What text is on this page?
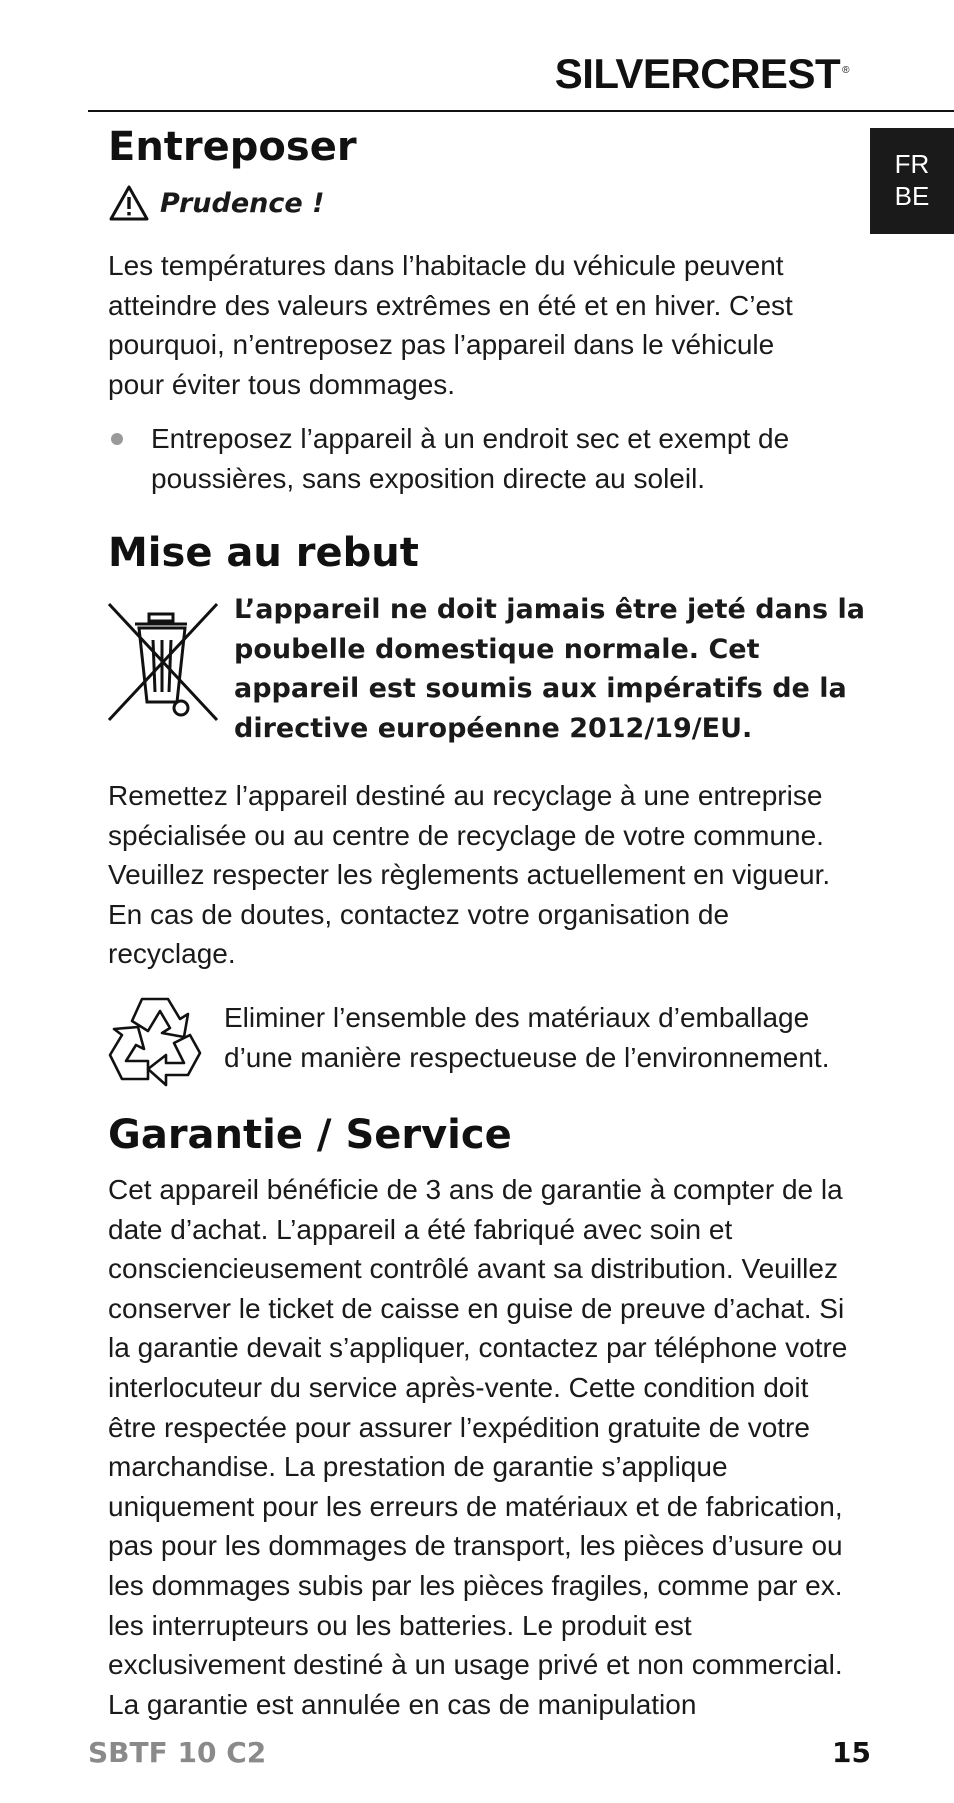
SILVERCREST ®
FR
BE
Entreposer
Prudence !

Les températures dans l’habitacle du véhicule peuvent atteindre des valeurs extrêmes en été et en hiver. C’est pourquoi, n’entreposez pas l’appareil dans le véhicule pour éviter tous dommages.

Entreposez l’appareil à un endroit sec et exempt de poussières, sans exposition directe au soleil.
Mise au rebut

L’appareil ne doit jamais être jeté dans la poubelle domestique normale. Cet appareil est soumis aux impératifs de la directive européenne 2012/19/EU.

Remettez l’appareil destiné au recyclage à une entreprise spécialisée ou au centre de recyclage de votre commune. Veuillez respecter les règlements actuellement en vigueur. En cas de doutes, contactez votre organisation de recyclage.

Eliminer l’ensemble des matériaux d’emballage d’une manière respectueuse de l’environnement.

Garantie / Service

Cet appareil bénéficie de 3 ans de garantie à compter de la date d’achat. L’appareil a été fabriqué avec soin et consciencieusement contrôlé avant sa distribution. Veuillez conserver le ticket de caisse en guise de preuve d’achat. Si la garantie devait s’appliquer, contactez par téléphone votre interlocuteur du service après-vente. Cette condition doit être respectée pour assurer l’expédition gratuite de votre marchandise. La prestation de garantie s’applique uniquement pour les erreurs de matériaux et de fabrication, pas pour les dommages de transport, les pièces d’usure ou les dommages subis par les pièces fragiles, comme par ex. les interrupteurs ou les batteries. Le produit est exclusivement destiné à un usage privé et non commercial. La garantie est annulée en cas de manipulation

SBTF 10 C2	15
